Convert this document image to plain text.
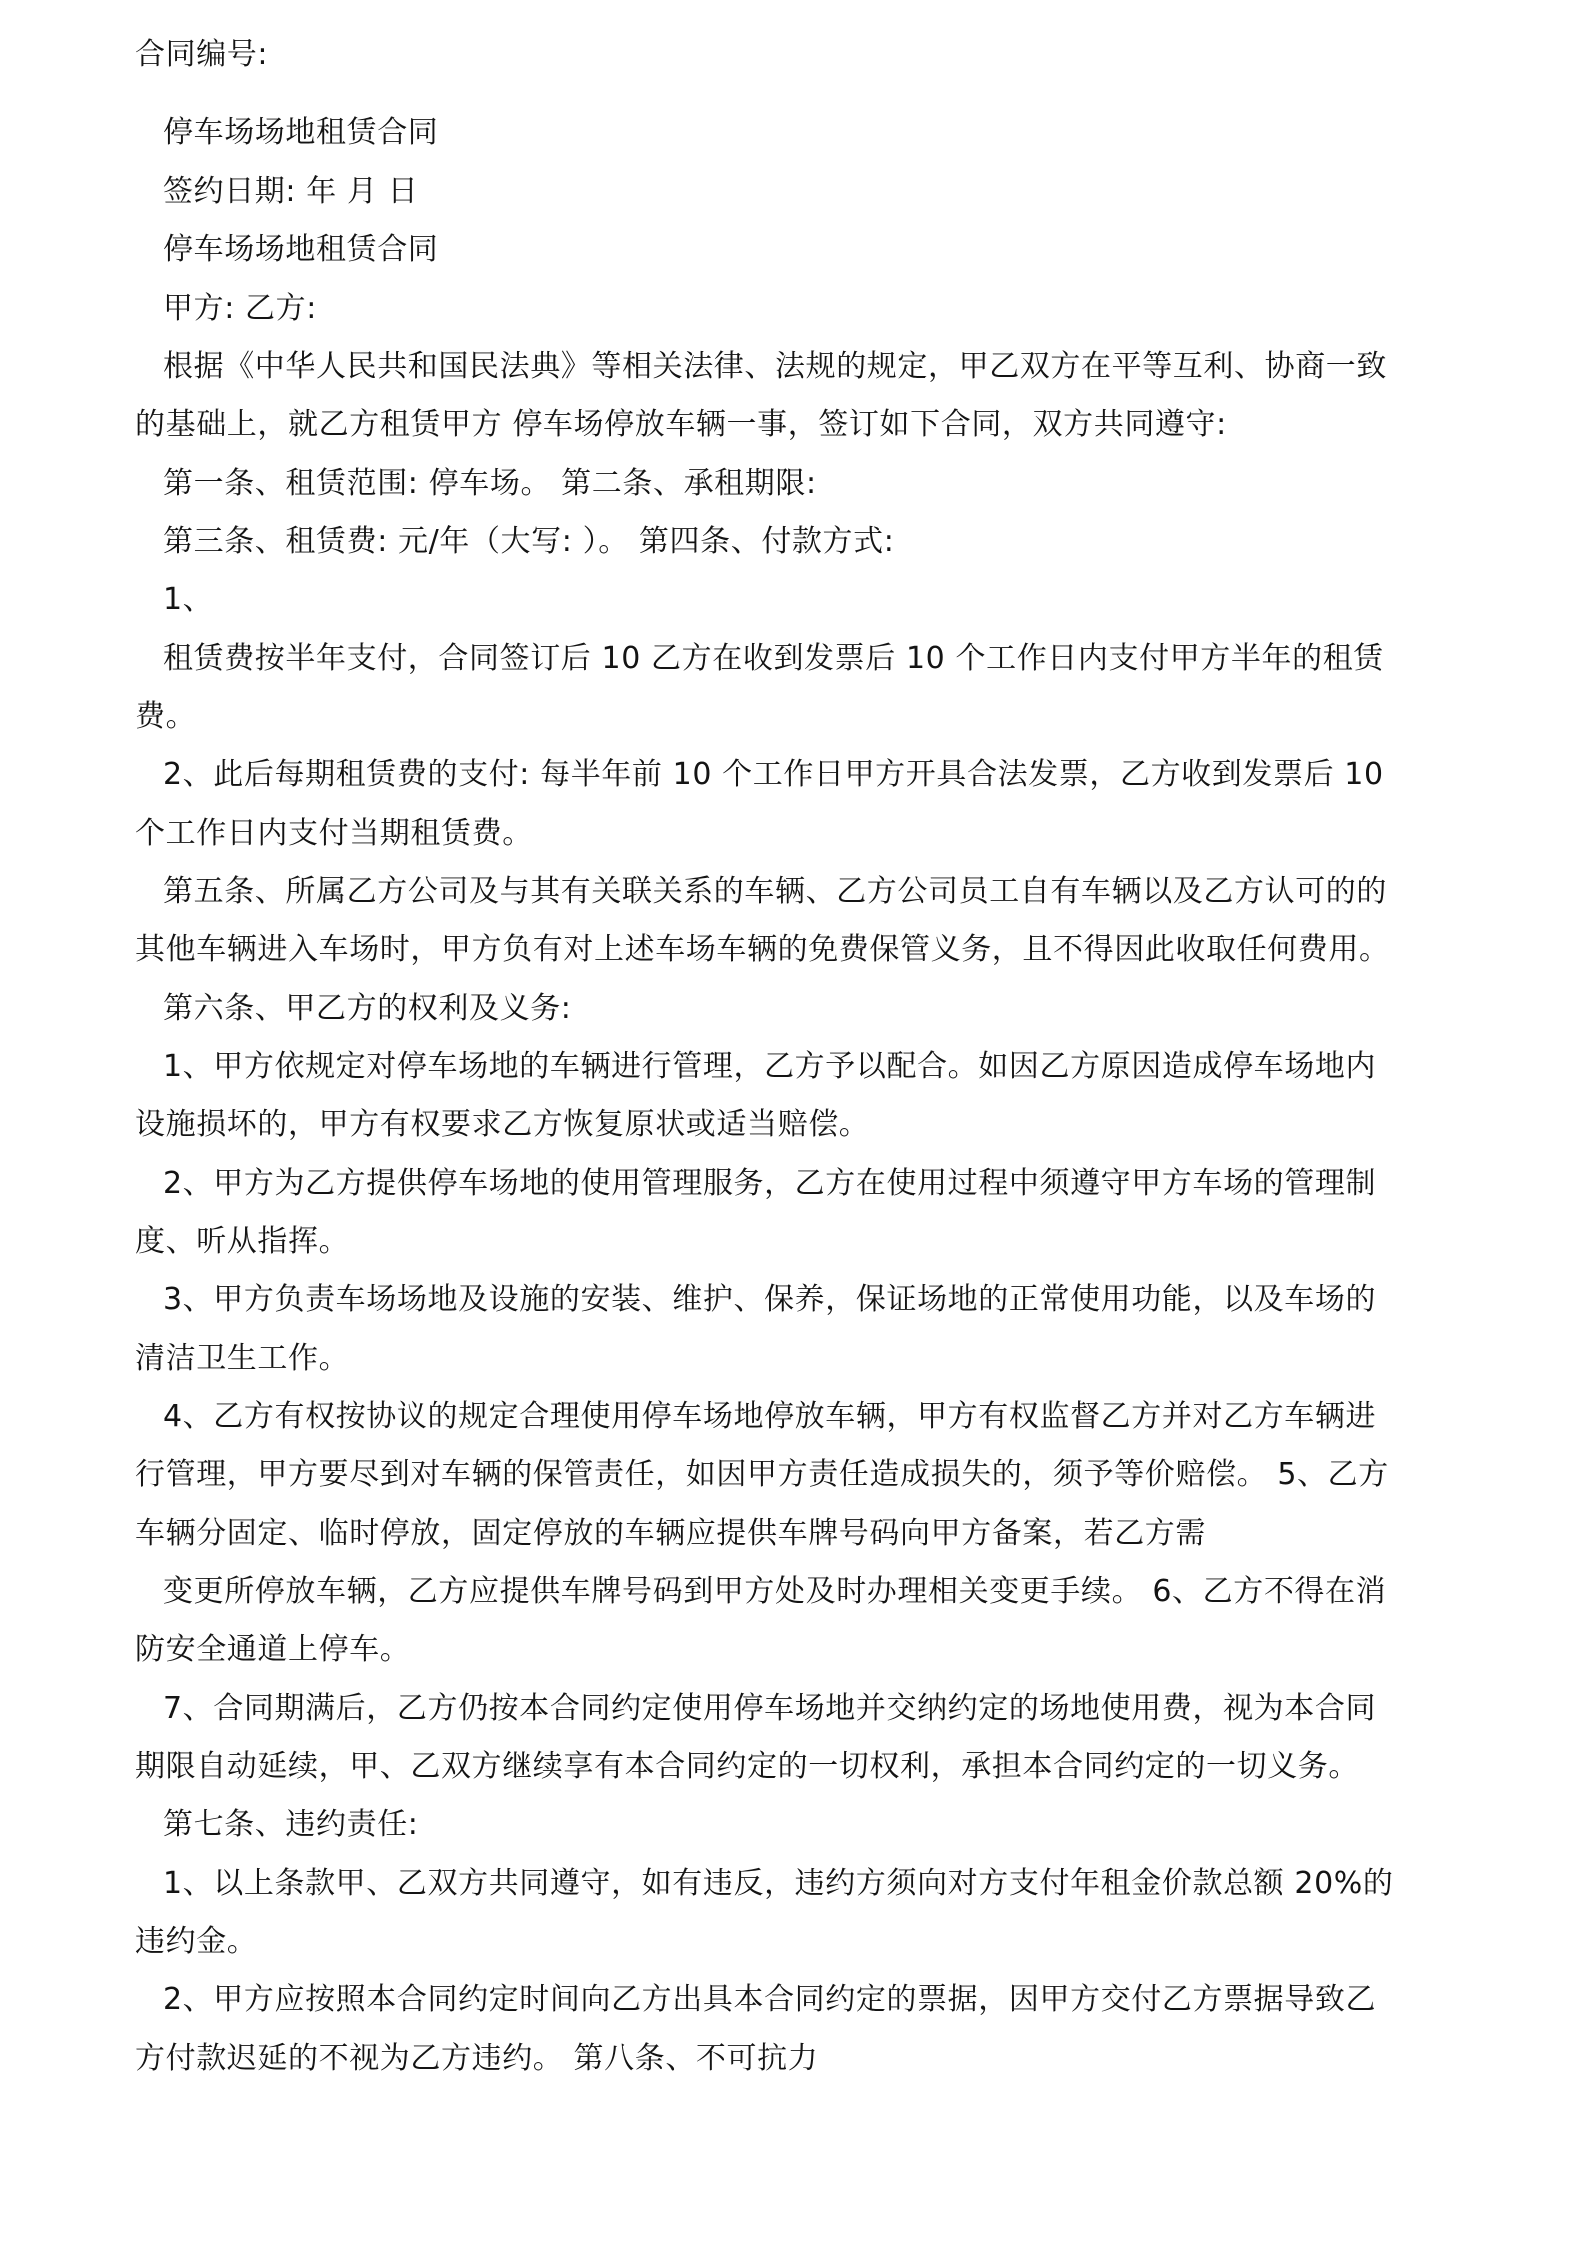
合同编号:
停车场场地租赁合同
签约日期: 年 月 日
停车场场地租赁合同
甲方: 乙方:
根据《中华人民共和国民法典》等相关法律、法规的规定，甲乙双方在平等互利、协商一致
的基础上，就乙方租赁甲方 停车场停放车辆一事，签订如下合同，双方共同遵守:
第一条、租赁范围: 停车场。 第二条、承租期限:
第三条、租赁费: 元/年（大写: ）。 第四条、付款方式:
1、
租赁费按半年支付，合同签订后 10 乙方在收到发票后 10 个工作日内支付甲方半年的租赁
费。
2、此后每期租赁费的支付: 每半年前 10 个工作日甲方开具合法发票，乙方收到发票后 10
个工作日内支付当期租赁费。
第五条、所属乙方公司及与其有关联关系的车辆、乙方公司员工自有车辆以及乙方认可的的
其他车辆进入车场时，甲方负有对上述车场车辆的免费保管义务，且不得因此收取任何费用。
第六条、甲乙方的权利及义务:
1、甲方依规定对停车场地的车辆进行管理，乙方予以配合。如因乙方原因造成停车场地内
设施损坏的，甲方有权要求乙方恢复原状或适当赔偿。
2、甲方为乙方提供停车场地的使用管理服务，乙方在使用过程中须遵守甲方车场的管理制
度、听从指挥。
3、甲方负责车场场地及设施的安装、维护、保养，保证场地的正常使用功能，以及车场的
清洁卫生工作。
4、乙方有权按协议的规定合理使用停车场地停放车辆，甲方有权监督乙方并对乙方车辆进
行管理，甲方要尽到对车辆的保管责任，如因甲方责任造成损失的，须予等价赔偿。 5、乙方
车辆分固定、临时停放，固定停放的车辆应提供车牌号码向甲方备案，若乙方需
变更所停放车辆，乙方应提供车牌号码到甲方处及时办理相关变更手续。 6、乙方不得在消
防安全通道上停车。
7、合同期满后，乙方仍按本合同约定使用停车场地并交纳约定的场地使用费，视为本合同
期限自动延续，甲、乙双方继续享有本合同约定的一切权利，承担本合同约定的一切义务。
第七条、违约责任:
1、以上条款甲、乙双方共同遵守，如有违反，违约方须向对方支付年租金价款总额 20%的
违约金。
2、甲方应按照本合同约定时间向乙方出具本合同约定的票据，因甲方交付乙方票据导致乙
方付款迟延的不视为乙方违约。 第八条、不可抗力
